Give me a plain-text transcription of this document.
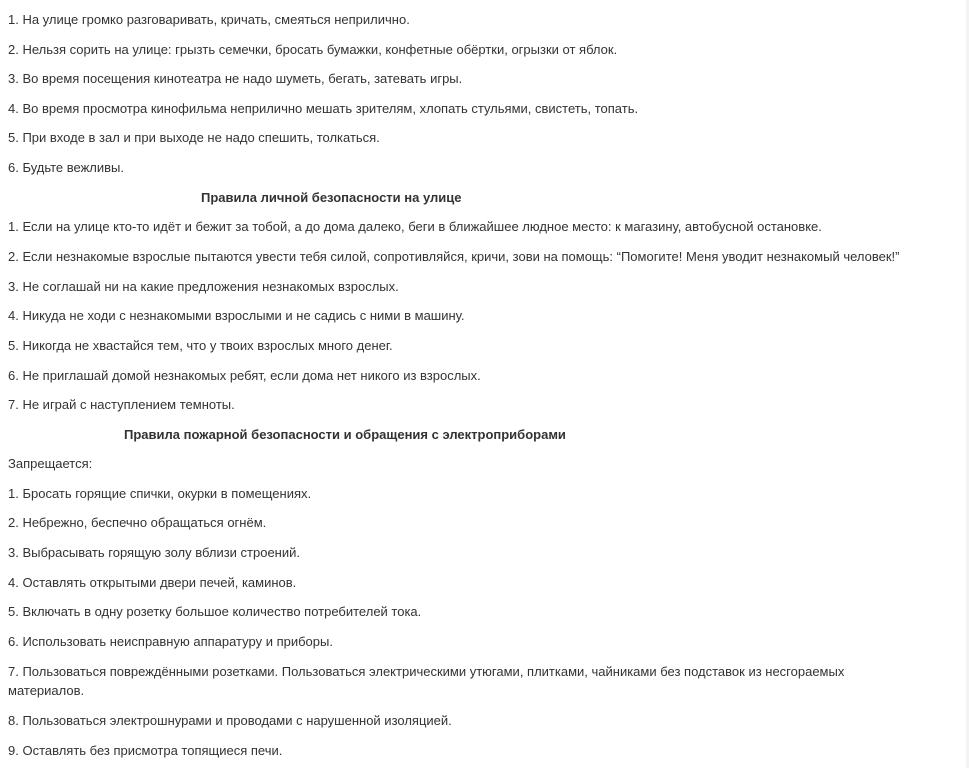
1. На улице громко разговаривать, кричать, смеяться неприлично.
2. Нельзя сорить на улице: грызть семечки, бросать бумажки, конфетные обёртки, огрызки от яблок.
3. Во время посещения кинотеатра не надо шуметь, бегать, затевать игры.
4. Во время просмотра кинофильма неприлично мешать зрителям, хлопать стульями, свистеть, топать.
5. При входе в зал и при выходе не надо спешить, толкаться.
6. Будьте вежливы.
Правила личной безопасности на улице
1. Если на улице кто-то идёт и бежит за тобой, а до дома далеко, беги в ближайшее людное место: к магазину, автобусной остановке.
2. Если незнакомые взрослые пытаются увести тебя силой, сопротивляйся, кричи, зови на помощь: “Помогите! Меня уводит незнакомый человек!”
3. Не соглашай ни на какие предложения незнакомых взрослых.
4. Никуда не ходи с незнакомыми взрослыми и не садись с ними в машину.
5. Никогда не хвастайся тем, что у твоих взрослых много денег.
6. Не приглашай домой незнакомых ребят, если дома нет никого из взрослых.
7. Не играй с наступлением темноты.
Правила пожарной безопасности и обращения с электроприборами
Запрещается:
1. Бросать горящие спички, окурки в помещениях.
2. Небрежно, беспечно обращаться огнём.
3. Выбрасывать горящую золу вблизи строений.
4. Оставлять открытыми двери печей, каминов.
5. Включать в одну розетку большое количество потребителей тока.
6. Использовать неисправную аппаратуру и приборы.
7. Пользоваться повреждёнными розетками. Пользоваться электрическими утюгами, плитками, чайниками без подставок из несгораемых материалов.
8. Пользоваться электрошнурами и проводами с нарушенной изоляцией.
9. Оставлять без присмотра топящиеся печи.
